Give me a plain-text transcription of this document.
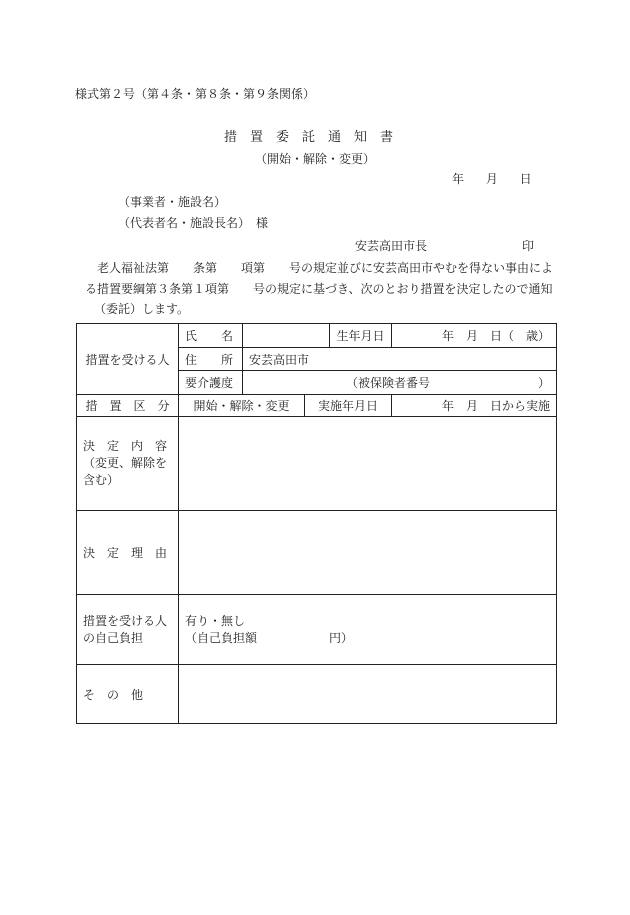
様式第２号（第４条・第８条・第９条関係）
措置委託通知書
（開始・解除・変更）
年 月 日
（事業者・施設名）
（代表者名・施設長名）　様
安芸高田市長	印
老人福祉法第　　条第　　項第　　号の規定並びに安芸高田市やむを得ない事由によ
る措置要綱第３条第１項第　　号の規定に基づき、次のとおり措置を決定したので通知
（委託）します。
措置を受ける人	氏　　名			生年月日	年　月　日（　歳）
	住　　所	安芸高田市			
	要介護度	（被保険者番号　　　　　　　　　）			
措　置　区　分	開始・解除・変更		実施年月日		年　月　日から実施

決　定　内　容
（変更、解除を含む）					

決　定　理　由					
措置を受ける人の自己負担	有り・無し
（自己負担額　　　　　　円）				

そ　の　他					
